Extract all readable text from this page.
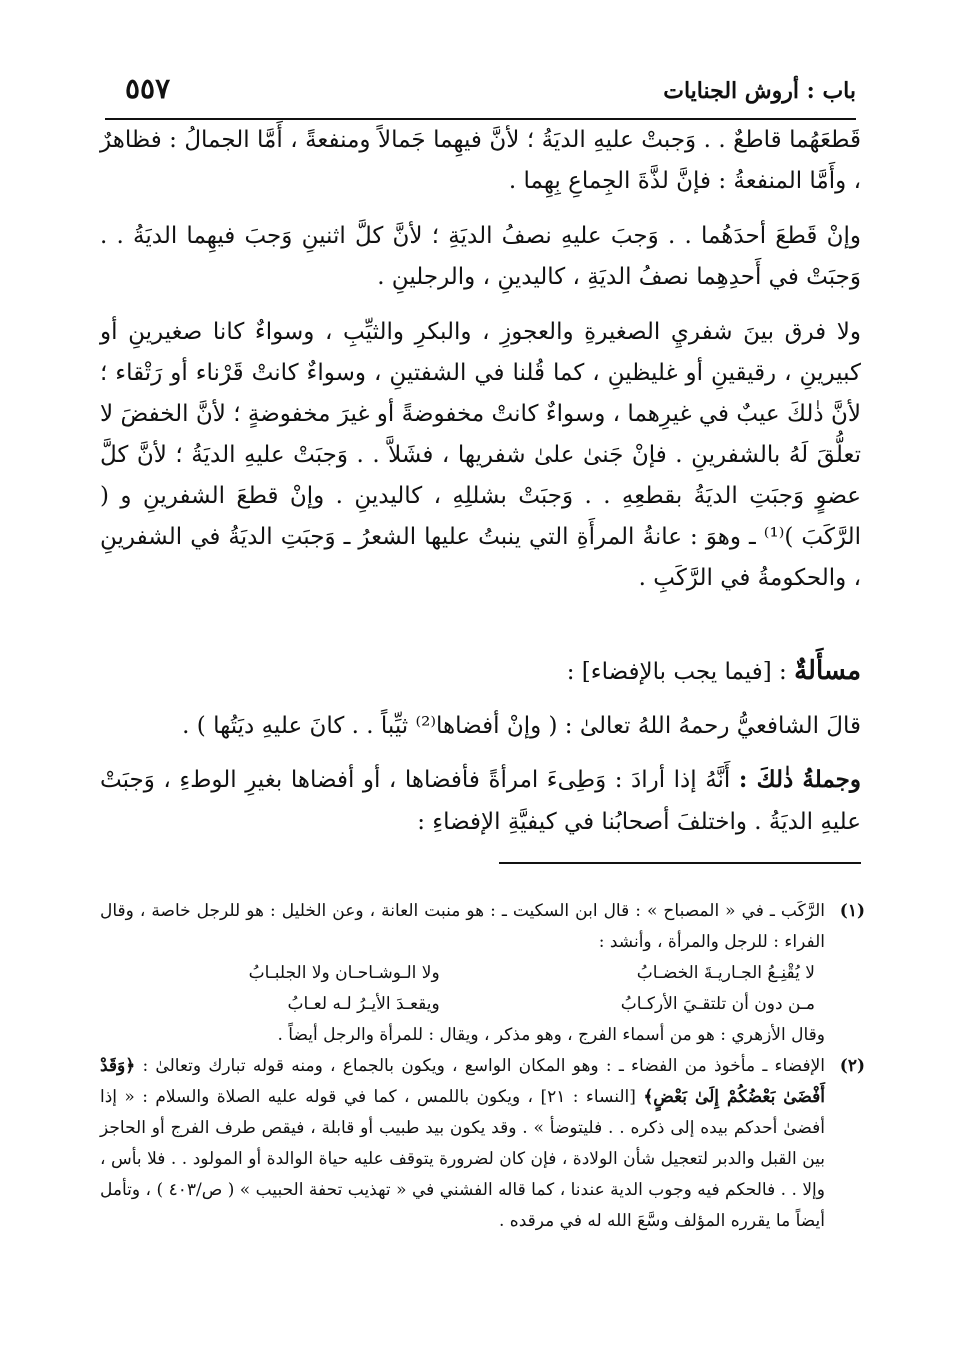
باب : أروش الجنايات
٥٥٧

قَطعَهُما قاطعٌ . . وَجبتْ عليهِ الديَةُ ؛ لأنَّ فيهِما جَمالاً ومنفعةً ، أَمَّا الجمالُ : فظاهرٌ ، وأَمَّا المنفعةُ : فإنَّ لذَّةَ الجِماعِ بِهِما .

وإنْ قَطعَ أحدَهُما . . وَجبَ عليهِ نصفُ الديَةِ ؛ لأنَّ كلَّ اثنينِ وَجبَ فيهِما الديَةُ . . وَجبَتْ في أَحدِهِما نصفُ الديَةِ ، كاليدينِ ، والرجلينِ .

ولا فرق بينَ شفريِ الصغيرةِ والعجوزِ ، والبكرِ والثيِّبِ ، وسواءٌ كانا صغيرينِ أو كبيرينِ ، رقيقينِ أو غليظينِ ، كما قُلنا في الشفتينِ ، وسواءٌ كانتْ قَرْناء أو رَتْقاء ؛ لأنَّ ذٰلكَ عيبٌ في غيرِهما ، وسواءٌ كانتْ مخفوضةً أو غيرَ مخفوضةٍ ؛ لأنَّ الخفضَ لا تعلُّقَ لَهُ بالشفرينِ . فإنْ جَنىٰ علىٰ شفريها ، فشَلاَّ . . وَجبَتْ عليهِ الديَةُ ؛ لأنَّ كلَّ عضوٍ وَجبَتِ الديَةُ بقطعِهِ . . وَجبَتْ بشللِهِ ، كاليدينِ . وإنْ قطعَ الشفرينِ و ( الرَّكَبَ )⁽¹⁾ ـ وهوَ : عانةُ المرأَةِ التي ينبتُ عليها الشعرُ ـ وَجبَتِ الديَةُ في الشفرينِ ، والحكومةُ في الرَّكَبِ .

مسأَلةٌ : [فيما يجب بالإفضاء] :

قالَ الشافعيُّ رحمهُ اللهُ تعالىٰ : ( وإنْ أفضاها⁽²⁾ ثيِّباً . . كانَ عليهِ ديَتُها ) .

وجملةُ ذٰلكَ : أَنَّهُ إذا أرادَ : وَطِىءَ امرأةً فأفضاها ، أو أفضاها بغيرِ الوطءِ ، وَجبَتْ عليهِ الديَةُ . واختلفَ أصحابُنا في كيفيَّةِ الإفضاءِ :

(١)

الرَّكَب ـ في « المصباح » : قال ابن السكيت ـ : هو منبت العانة ، وعن الخليل : هو للرجل خاصة ، وقال الفراء : للرجل والمرأة ، وأنشد :

لا يُقْنِـعُ الجـاريـةَ الخضـابُ
ولا الـوشـاحـان ولا الجلبـابُ
مـن دون أن تلتقـيَ الأركـابُ
ويقعـدَ الأيـرُ لـه لعـابُ

وقال الأزهري : هو من أسماء الفرج ، وهو مذكر ، ويقال : للمرأة والرجل أيضاً .

(٢)

الإفضاء ـ مأخوذ من الفضاء ـ : وهو المكان الواسع ، ويكون بالجماع ، ومنه قوله تبارك وتعالىٰ : ﴿وَقَدْ أَفْضَىٰ بَعْضُكُمْ إِلَىٰ بَعْضٍ﴾ [النساء : ٢١] ، ويكون باللمس ، كما في قوله عليه الصلاة والسلام : « إذا أفضىٰ أحدكم بيده إلى ذكره . . فليتوضأ » . وقد يكون بيد طبيب أو قابلة ، فيقص طرف الفرج أو الحاجز بين القبل والدبر لتعجيل شأن الولادة ، فإن كان لضرورة يتوقف عليه حياة الوالدة أو المولود . . فلا بأس ، وإلا . . فالحكم فيه وجوب الدية عندنا ، كما قاله الفشني في « تهذيب تحفة الحبيب » ( ص/٤٠٣ ) ، وتأمل أيضاً ما يقرره المؤلف وسَّعَ الله له في مرقده .
